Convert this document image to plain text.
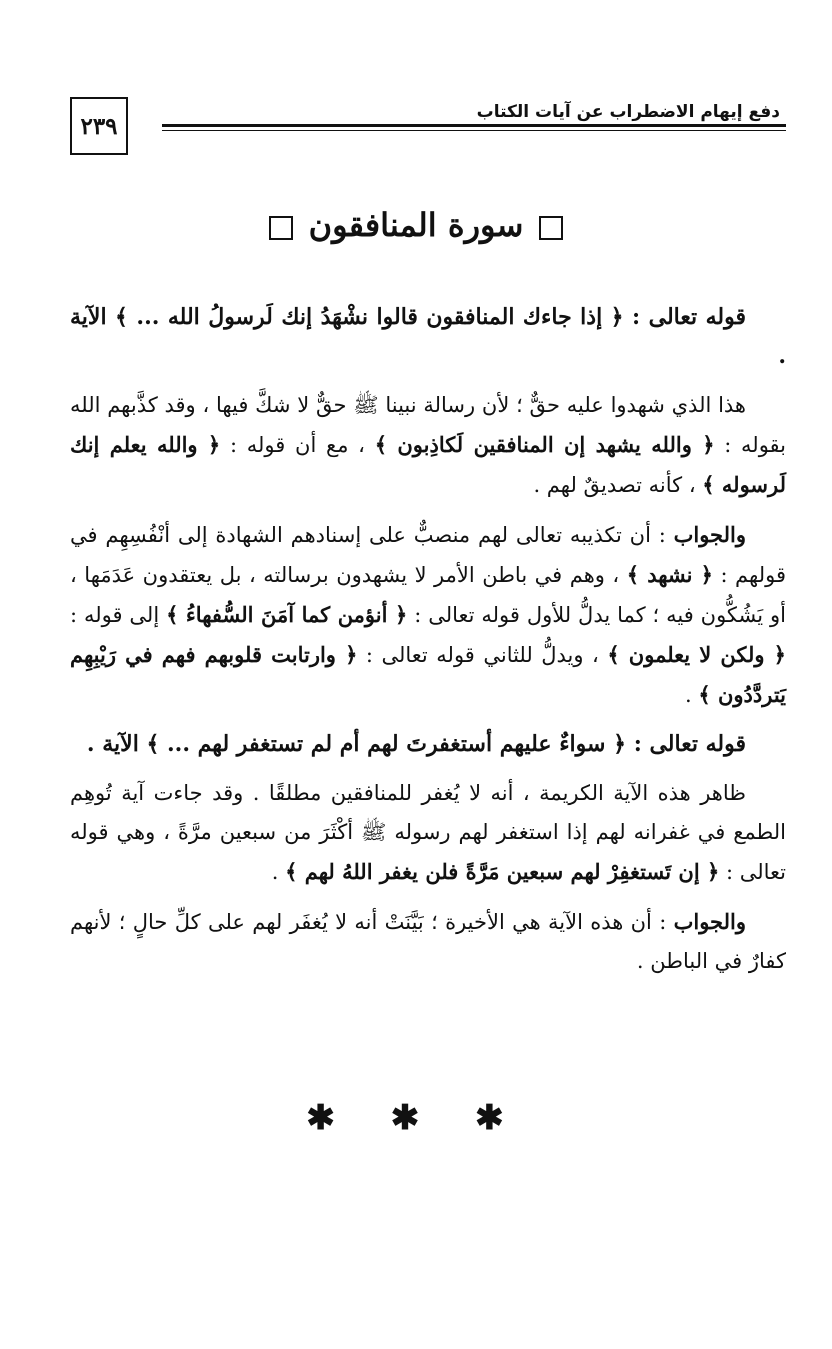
٢٣٩
دفع إيهام الاضطراب عن آيات الكتاب
سورة المنافقون

قوله تعالى : ﴿ إذا جاءك المنافقون قالوا نشْهَدُ إنك لَرسولُ الله ... ﴾ الآية .

هذا الذي شهدوا عليه حقٌّ ؛ لأن رسالة نبينا ﷺ حقٌّ لا شكَّ فيها ، وقد كذَّبهم الله بقوله : ﴿ والله يشهد إن المنافقين لَكاذِبون ﴾ ، مع أن قوله : ﴿ والله يعلم إنك لَرسوله ﴾ ، كأنه تصديقٌ لهم .

والجواب : أن تكذيبه تعالى لهم منصبٌّ على إسنادهم الشهادة إلى أنْفُسِهِم في قولهم : ﴿ نشهد ﴾ ، وهم في باطن الأمر لا يشهدون برسالته ، بل يعتقدون عَدَمَها ، أو يَشُكُّون فيه ؛ كما يدلُّ للأول قوله تعالى : ﴿ أنؤمن كما آمَنَ السُّفهاءُ ﴾ إلى قوله : ﴿ ولكن لا يعلمون ﴾ ، ويدلُّ للثاني قوله تعالى : ﴿ وارتابت قلوبهم فهم في رَيْبِهِم يَتردَّدُون ﴾ .

قوله تعالى : ﴿ سواءٌ عليهم أستغفرتَ لهم أم لم تستغفر لهم ... ﴾ الآية .

ظاهر هذه الآية الكريمة ، أنه لا يُغفر للمنافقين مطلقًا . وقد جاءت آية تُوهِم الطمع في غفرانه لهم إذا استغفر لهم رسوله ﷺ أكْثَرَ من سبعين مرَّةً ، وهي قوله تعالى : ﴿ إن تَستغفِرْ لهم سبعين مَرَّةً فلن يغفر اللهُ لهم ﴾ .

والجواب : أن هذه الآية هي الأخيرة ؛ بَيَّنَتْ أنه لا يُغفَر لهم على كلِّ حالٍ ؛ لأنهم كفارٌ في الباطن .

✱ ✱ ✱
